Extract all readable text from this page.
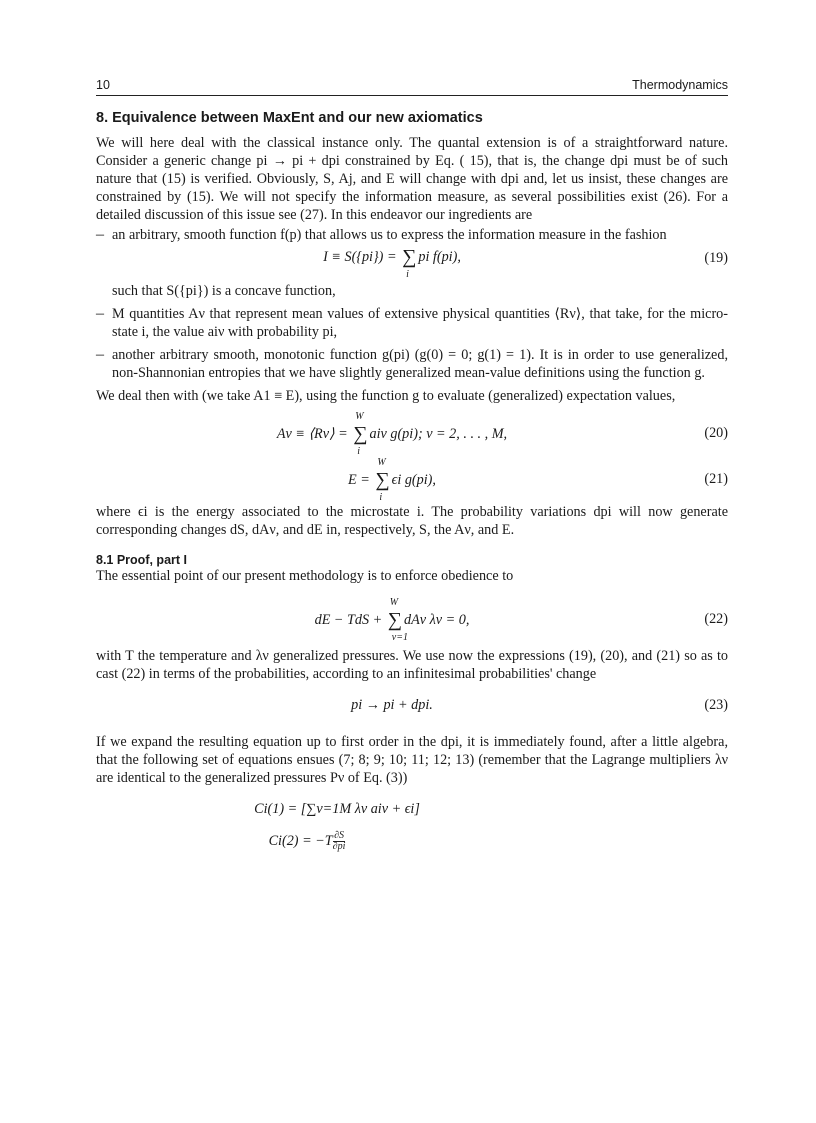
10	Thermodynamics
8. Equivalence between MaxEnt and our new axiomatics

We will here deal with the classical instance only. The quantal extension is of a straightforward nature. Consider a generic change pi → pi + dpi constrained by Eq. ( 15), that is, the change dpi must be of such nature that (15) is verified. Obviously, S, Aj, and E will change with dpi and, let us insist, these changes are constrained by (15). We will not specify the information measure, as several possibilities exist (26). For a detailed discussion of this issue see (27). In this endeavor our ingredients are

– an arbitrary, smooth function f(p) that allows us to express the information measure in the fashion

I ≡ S({pi}) = ∑
i
pi f(pi),	(19)

such that S({pi}) is a concave function,

– M quantities Aν that represent mean values of extensive physical quantities ⟨Rν⟩, that take, for the micro-state i, the value aiν with probability pi,

– another arbitrary smooth, monotonic function g(pi) (g(0) = 0; g(1) = 1). It is in order to use generalized, non-Shannonian entropies that we have slightly generalized mean-value definitions using the function g.

We deal then with (we take A1 ≡ E), using the function g to evaluate (generalized) expectation values,

Aν ≡ ⟨Rν⟩ = ∑
W
i
aiν g(pi); ν = 2, . . . , M,	(20)
E = ∑
W
i
ϵi g(pi),	(21)

where ϵi is the energy associated to the microstate i. The probability variations dpi will now generate corresponding changes dS, dAν, and dE in, respectively, S, the Aν, and E.

8.1 Proof, part I

The essential point of our present methodology is to enforce obedience to

dE − TdS + ∑
W
ν=1
dAν λν = 0,	(22)

with T the temperature and λν generalized pressures. We use now the expressions (19), (20), and (21) so as to cast (22) in terms of the probabilities, according to an infinitesimal probabilities' change

pi → pi + dpi.	(23)

If we expand the resulting equation up to first order in the dpi, it is immediately found, after a little algebra, that the following set of equations ensues (7; 8; 9; 10; 11; 12; 13) (remember that the Lagrange multipliers λν are identical to the generalized pressures Pν of Eq. (3))

Ci(1) = [∑ν=1M λν aiν + ϵi]
$Ci(2) = -T \frac{\partial S}{\partial pi}$
